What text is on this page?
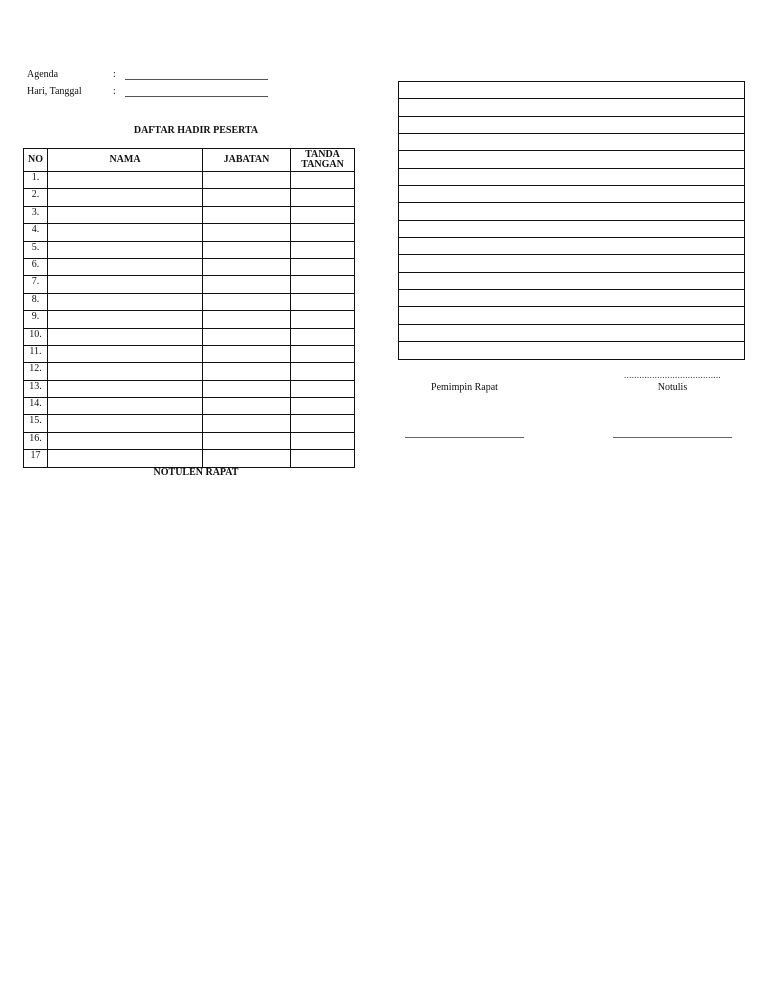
Agenda	:
Hari, Tanggal	:
DAFTAR HADIR PESERTA
NO	NAMA	JABATAN	TANDA
TANGAN
1.			
2.			
3.			
4.			
5.			
6.			
7.			
8.			
9.			
10.			
11.			
12.			
13.			
14.			
15.			
16.			
17			
NOTULEN RAPAT
......................................
Pemimpin Rapat	Notulis
